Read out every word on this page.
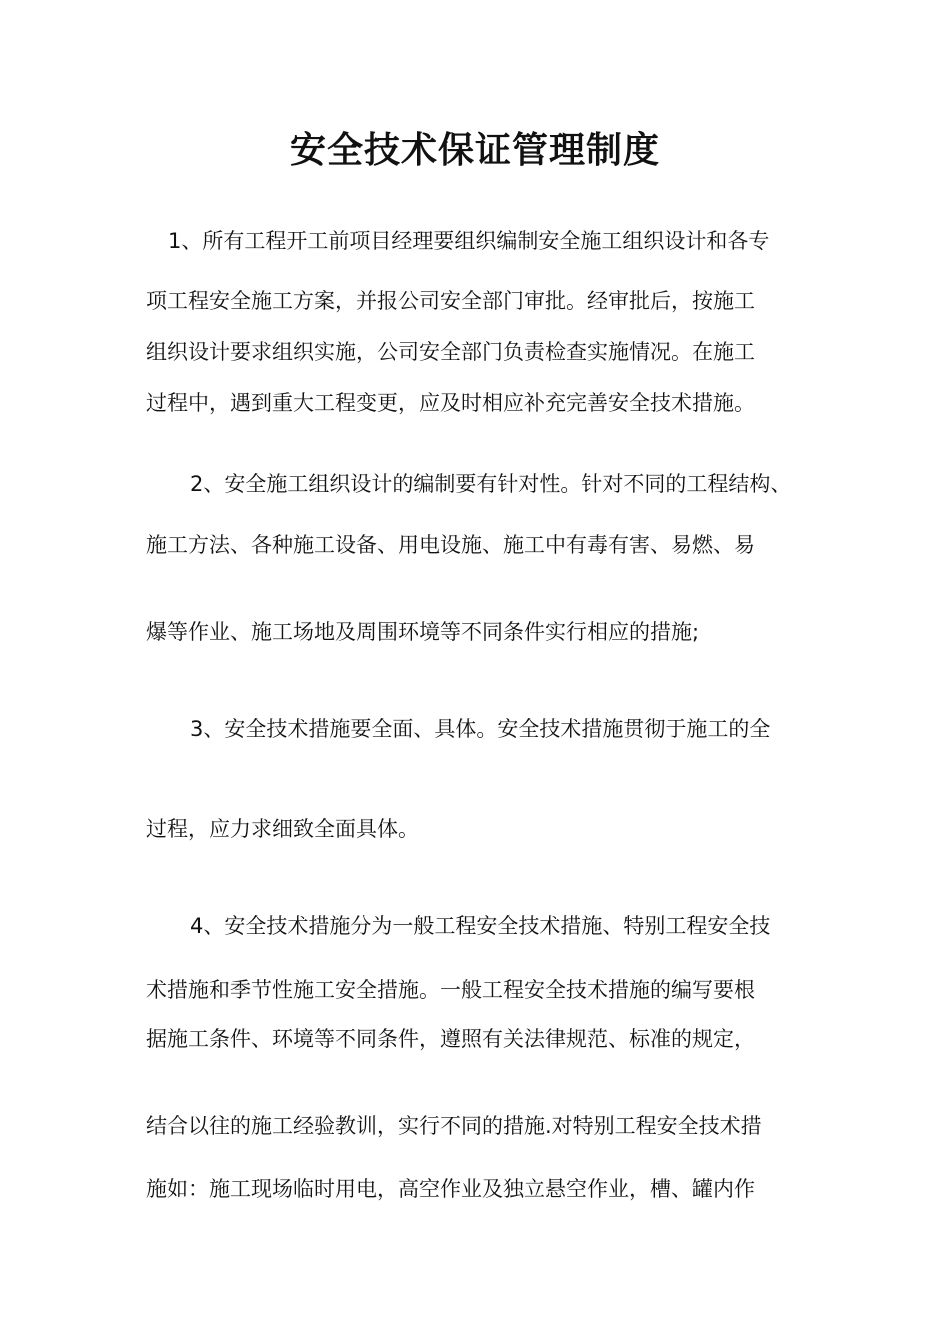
安全技术保证管理制度
1、所有工程开工前项目经理要组织编制安全施工组织设计和各专
项工程安全施工方案，并报公司安全部门审批。经审批后，按施工
组织设计要求组织实施，公司安全部门负责检查实施情况。在施工
过程中，遇到重大工程变更，应及时相应补充完善安全技术措施。
2、安全施工组织设计的编制要有针对性。针对不同的工程结构、
施工方法、各种施工设备、用电设施、施工中有毒有害、易燃、易
爆等作业、施工场地及周围环境等不同条件实行相应的措施;
3、安全技术措施要全面、具体。安全技术措施贯彻于施工的全
过程，应力求细致全面具体。
4、安全技术措施分为一般工程安全技术措施、特别工程安全技
术措施和季节性施工安全措施。一般工程安全技术措施的编写要根
据施工条件、环境等不同条件，遵照有关法律规范、标准的规定，
结合以往的施工经验教训，实行不同的措施.对特别工程安全技术措
施如：施工现场临时用电，高空作业及独立悬空作业，槽、罐内作
